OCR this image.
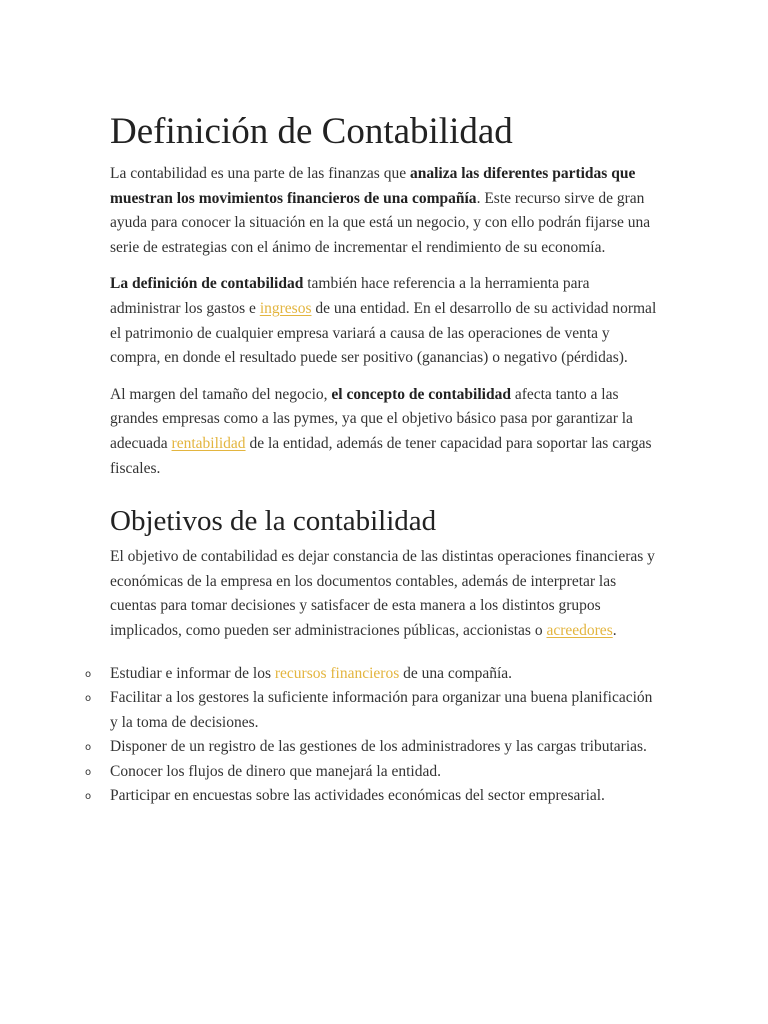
Definición de Contabilidad

La contabilidad es una parte de las finanzas que analiza las diferentes partidas que muestran los movimientos financieros de una compañía. Este recurso sirve de gran ayuda para conocer la situación en la que está un negocio, y con ello podrán fijarse una serie de estrategias con el ánimo de incrementar el rendimiento de su economía.

La definición de contabilidad también hace referencia a la herramienta para administrar los gastos e ingresos de una entidad. En el desarrollo de su actividad normal el patrimonio de cualquier empresa variará a causa de las operaciones de venta y compra, en donde el resultado puede ser positivo (ganancias) o negativo (pérdidas).

Al margen del tamaño del negocio, el concepto de contabilidad afecta tanto a las grandes empresas como a las pymes, ya que el objetivo básico pasa por garantizar la adecuada rentabilidad de la entidad, además de tener capacidad para soportar las cargas fiscales.

Objetivos de la contabilidad

El objetivo de contabilidad es dejar constancia de las distintas operaciones financieras y económicas de la empresa en los documentos contables, además de interpretar las cuentas para tomar decisiones y satisfacer de esta manera a los distintos grupos implicados, como pueden ser administraciones públicas, accionistas o acreedores.

o Estudiar e informar de los recursos financieros de una compañía.
o Facilitar a los gestores la suficiente información para organizar una buena planificación y la toma de decisiones.
o Disponer de un registro de las gestiones de los administradores y las cargas tributarias.
o Conocer los flujos de dinero que manejará la entidad.
o Participar en encuestas sobre las actividades económicas del sector empresarial.
